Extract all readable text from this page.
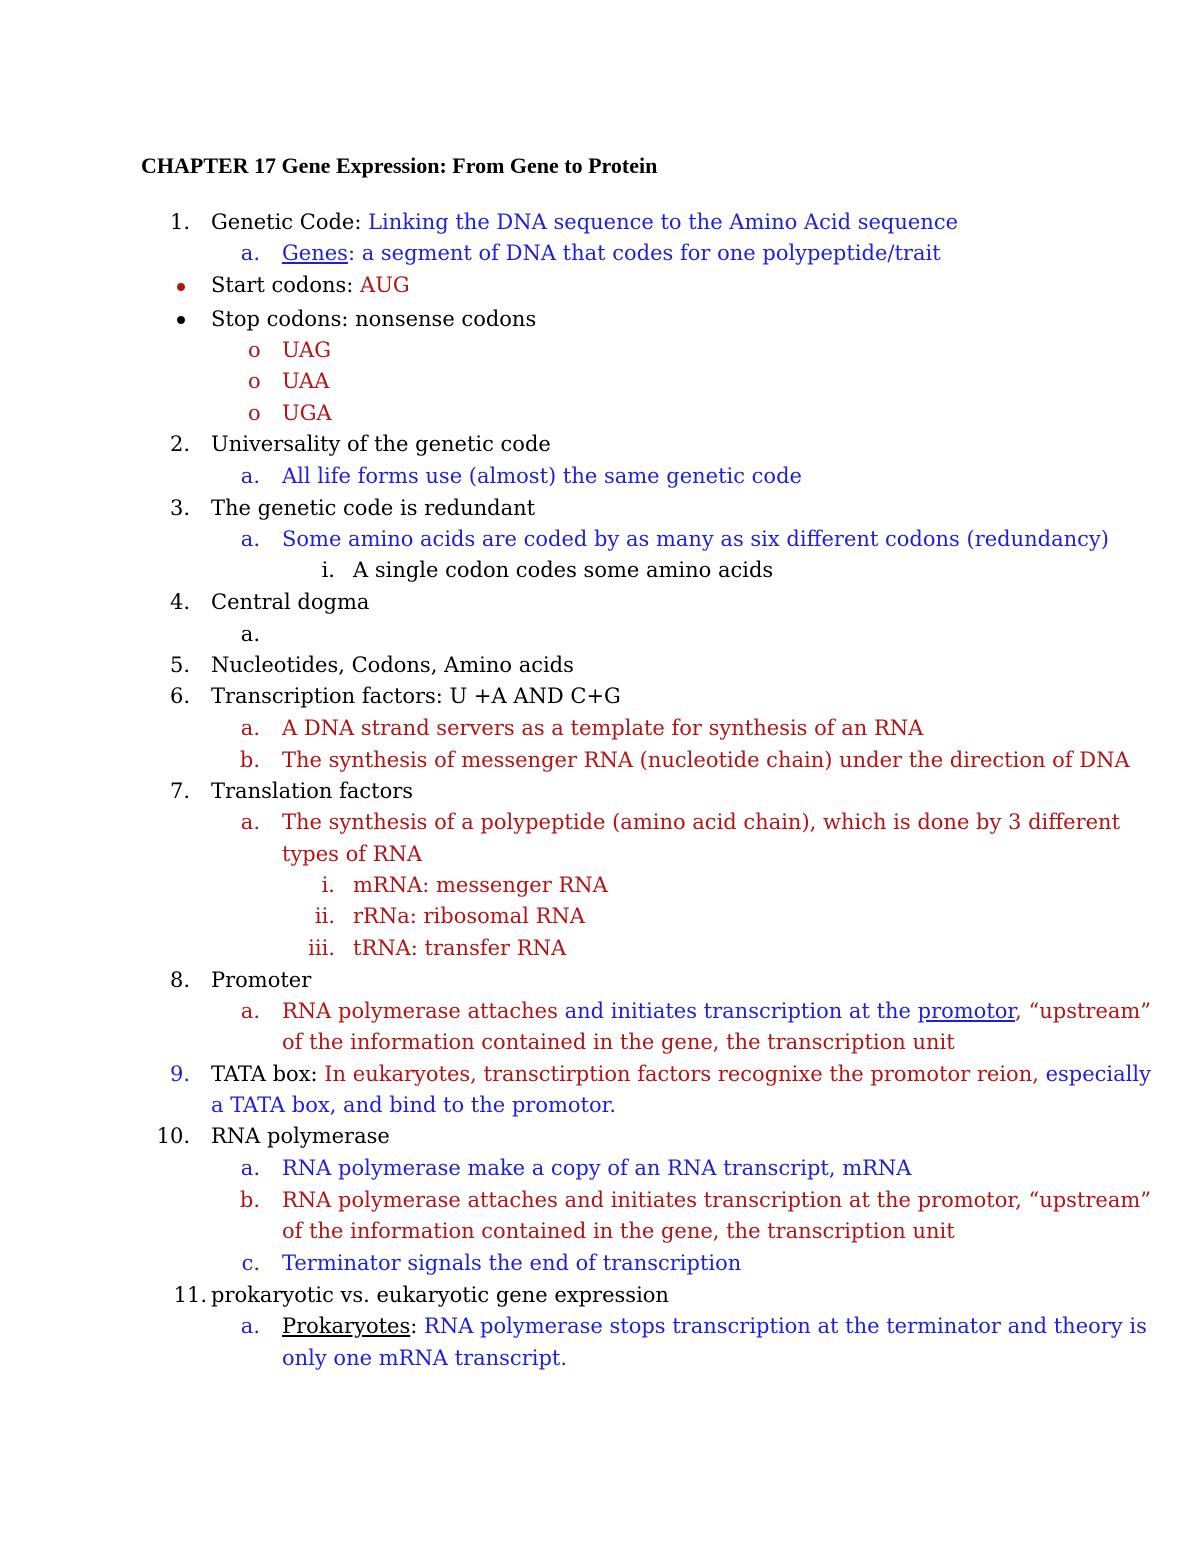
CHAPTER 17 Gene Expression: From Gene to Protein
1. Genetic Code: Linking the DNA sequence to the Amino Acid sequence
a. Genes: a segment of DNA that codes for one polypeptide/trait
Start codons: AUG
Stop codons: nonsense codons
o UAG
o UAA
o UGA
2. Universality of the genetic code
a. All life forms use (almost) the same genetic code
3. The genetic code is redundant
a. Some amino acids are coded by as many as six different codons (redundancy)
i. A single codon codes some amino acids
4. Central dogma
a.
5. Nucleotides, Codons, Amino acids
6. Transcription factors: U +A AND C+G
a. A DNA strand servers as a template for synthesis of an RNA
b. The synthesis of messenger RNA (nucleotide chain) under the direction of DNA
7. Translation factors
a. The synthesis of a polypeptide (amino acid chain), which is done by 3 different
types of RNA
i. mRNA: messenger RNA
ii. rRNa: ribosomal RNA
iii. tRNA: transfer RNA
8. Promoter
a. RNA polymerase attaches and initiates transcription at the promotor, “upstream”
of the information contained in the gene, the transcription unit
9. TATA box: In eukaryotes, transctirption factors recognixe the promotor reion, especially
a TATA box, and bind to the promotor.
10. RNA polymerase
a. RNA polymerase make a copy of an RNA transcript, mRNA
b. RNA polymerase attaches and initiates transcription at the promotor, “upstream”
of the information contained in the gene, the transcription unit
c. Terminator signals the end of transcription
11. prokaryotic vs. eukaryotic gene expression
a. Prokaryotes: RNA polymerase stops transcription at the terminator and theory is
only one mRNA transcript.
